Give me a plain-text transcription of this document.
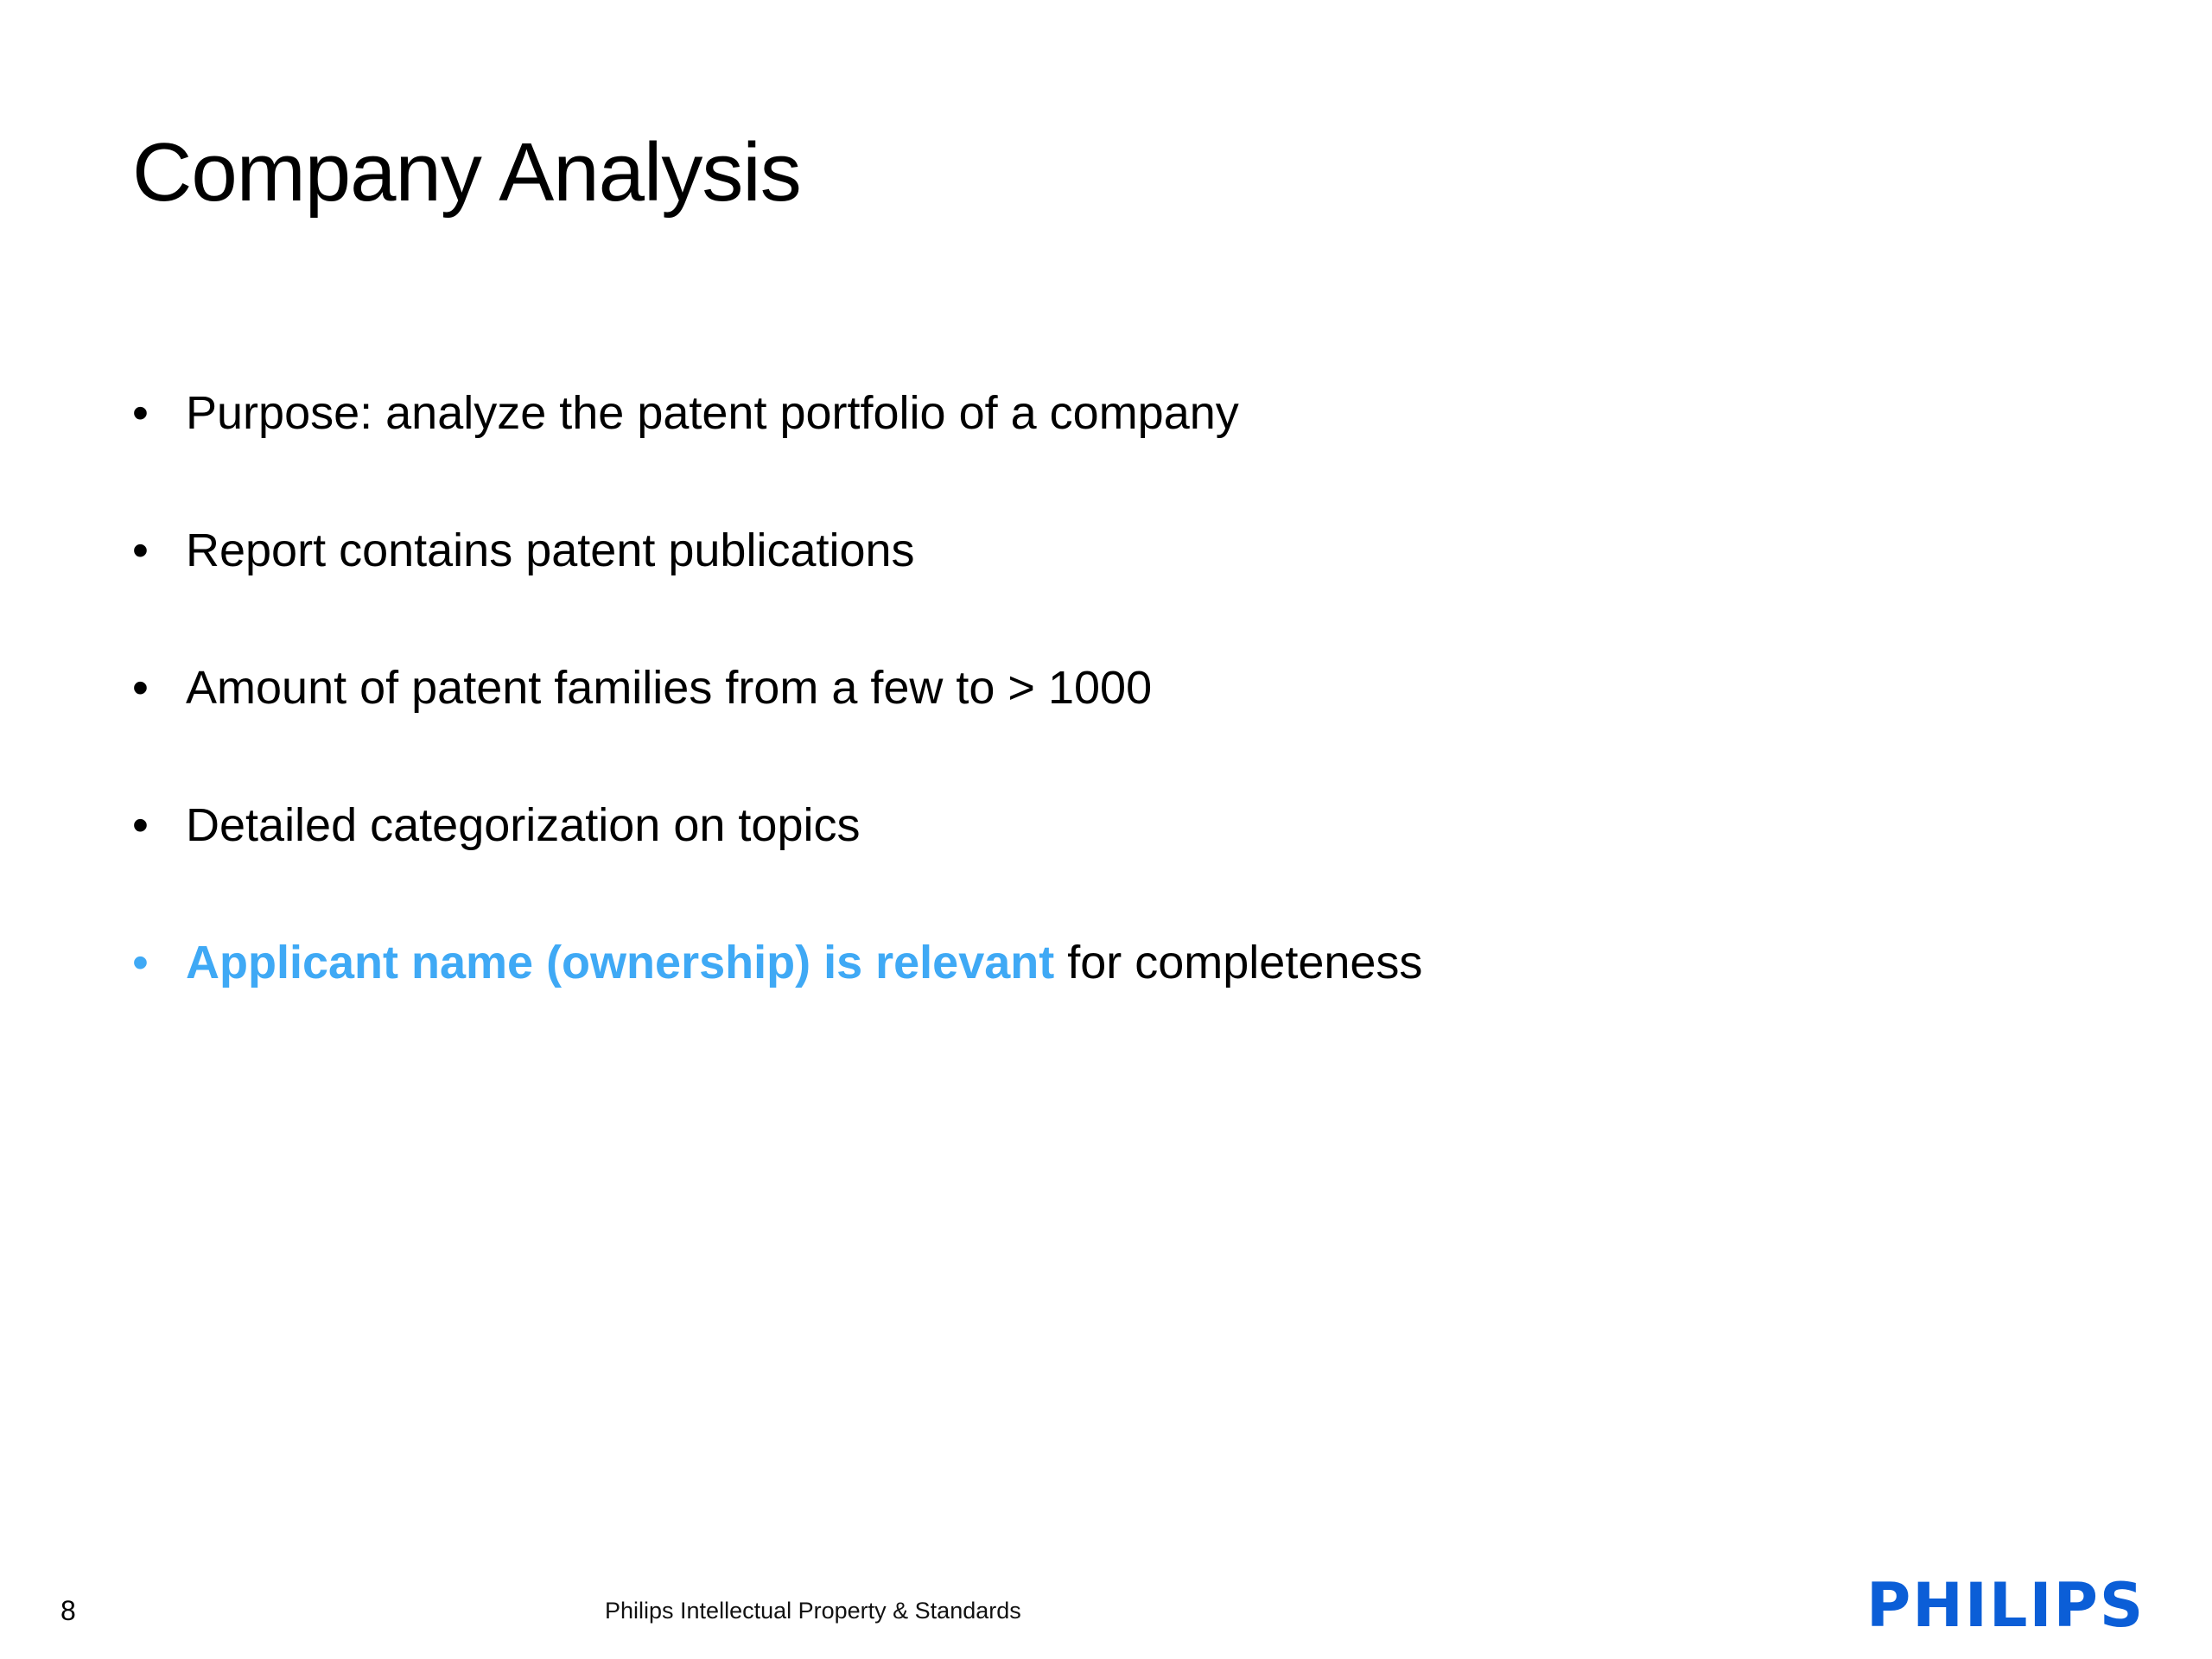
Company Analysis
• Purpose: analyze the patent portfolio of a company
• Report contains patent publications
• Amount of patent families from a few to > 1000
• Detailed categorization on topics
• Applicant name (ownership) is relevant for completeness
8	Philips Intellectual Property & Standards	PHILIPS
